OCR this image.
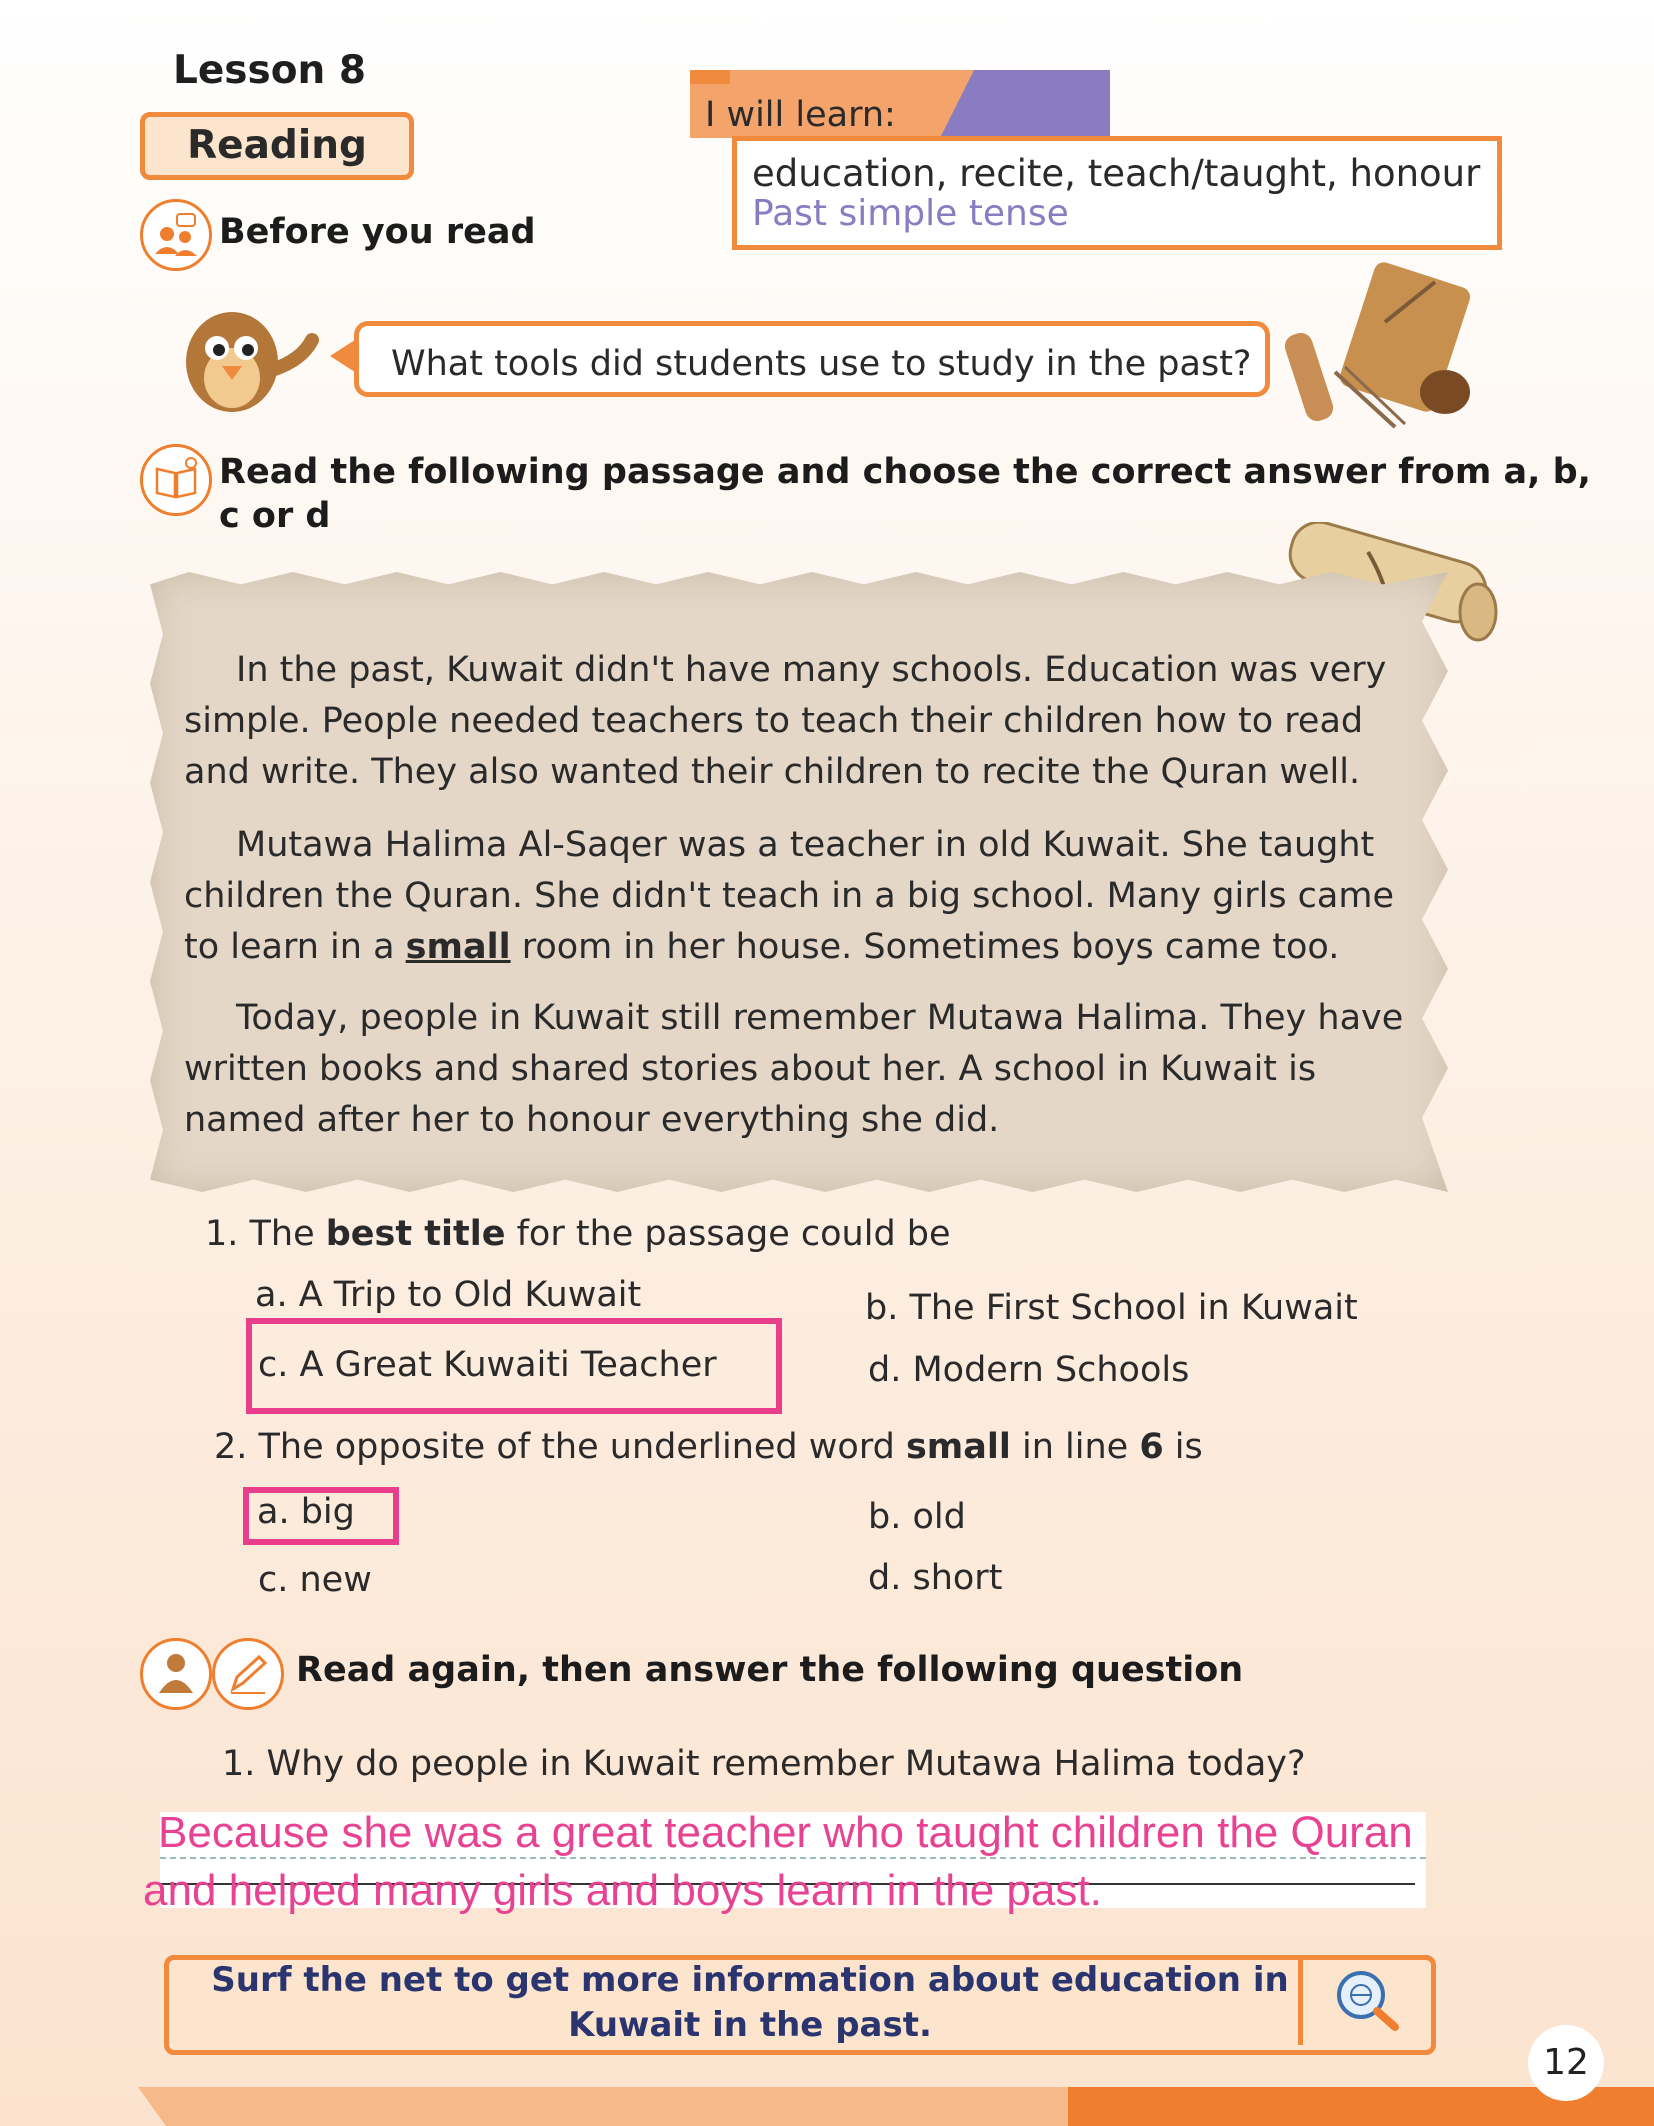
Lesson 8
Reading
Before you read
I will learn:
education, recite, teach/taught, honour
Past simple tense
What tools did students use to study in the past?
Read the following passage and choose the correct answer from a, b,
c or d
In the past, Kuwait didn't have many schools. Education was very simple. People needed teachers to teach their children how to read and write. They also wanted their children to recite the Quran well.
Mutawa Halima Al-Saqer was a teacher in old Kuwait. She taught children the Quran. She didn't teach in a big school. Many girls came to learn in a small room in her house. Sometimes boys came too.
Today, people in Kuwait still remember Mutawa Halima. They have written books and shared stories about her. A school in Kuwait is named after her to honour everything she did.
1. The best title for the passage could be
a. A Trip to Old Kuwait	b. The First School in Kuwait
c. A Great Kuwaiti Teacher	d. Modern Schools
2. The opposite of the underlined word small in line 6 is
a. big	b. old
c. new	d. short
Read again, then answer the following question
1. Why do people in Kuwait remember Mutawa Halima today?
Because she was a great teacher who taught children the Quran
and helped many girls and boys learn in the past.
Surf the net to get more information about education in
Kuwait in the past.
12
